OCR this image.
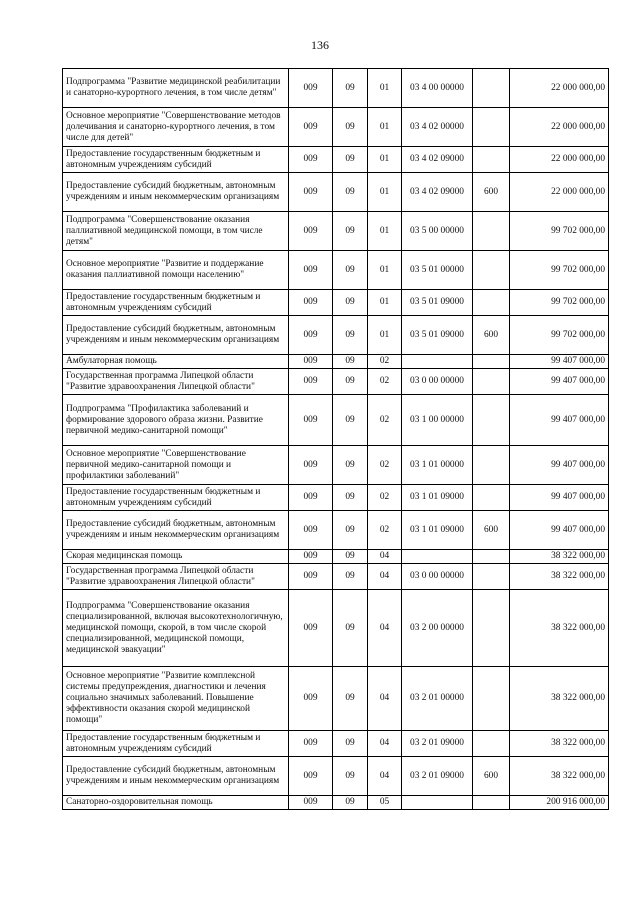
136
Подпрограмма "Развитие медицинской реабилитации и санаторно-курортного лечения, в том числе детям"	009	09	01	03 4 00 00000		22 000 000,00
Основное мероприятие "Совершенствование методов долечивания и санаторно-курортного лечения, в том числе для детей"	009	09	01	03 4 02 00000		22 000 000,00
Предоставление государственным бюджетным и автономным учреждениям субсидий	009	09	01	03 4 02 09000		22 000 000,00
Предоставление субсидий бюджетным, автономным учреждениям и иным некоммерческим организациям	009	09	01	03 4 02 09000	600	22 000 000,00
Подпрограмма "Совершенствование оказания паллиативной медицинской помощи, в том числе детям"	009	09	01	03 5 00 00000		99 702 000,00
Основное мероприятие "Развитие и поддержание оказания паллиативной помощи населению"	009	09	01	03 5 01 00000		99 702 000,00
Предоставление государственным бюджетным и автономным учреждениям субсидий	009	09	01	03 5 01 09000		99 702 000,00
Предоставление субсидий бюджетным, автономным учреждениям и иным некоммерческим организациям	009	09	01	03 5 01 09000	600	99 702 000,00
Амбулаторная помощь	009	09	02			99 407 000,00
Государственная программа Липецкой области "Развитие здравоохранения Липецкой области"	009	09	02	03 0 00 00000		99 407 000,00
Подпрограмма "Профилактика заболеваний и формирование здорового образа жизни. Развитие первичной медико-санитарной помощи"	009	09	02	03 1 00 00000		99 407 000,00
Основное мероприятие "Совершенствование первичной медико-санитарной помощи и профилактики заболеваний"	009	09	02	03 1 01 00000		99 407 000,00
Предоставление государственным бюджетным и автономным учреждениям субсидий	009	09	02	03 1 01 09000		99 407 000,00
Предоставление субсидий бюджетным, автономным учреждениям и иным некоммерческим организациям	009	09	02	03 1 01 09000	600	99 407 000,00
Скорая медицинская помощь	009	09	04			38 322 000,00
Государственная программа Липецкой области "Развитие здравоохранения Липецкой области"	009	09	04	03 0 00 00000		38 322 000,00
Подпрограмма "Совершенствование оказания специализированной, включая высокотехнологичную, медицинской помощи, скорой, в том числе скорой специализированной, медицинской помощи, медицинской эвакуации"	009	09	04	03 2 00 00000		38 322 000,00
Основное мероприятие "Развитие комплексной системы предупреждения, диагностики и лечения социально значимых заболеваний. Повышение эффективности оказания скорой медицинской помощи"	009	09	04	03 2 01 00000		38 322 000,00
Предоставление государственным бюджетным и автономным учреждениям субсидий	009	09	04	03 2 01 09000		38 322 000,00
Предоставление субсидий бюджетным, автономным учреждениям и иным некоммерческим организациям	009	09	04	03 2 01 09000	600	38 322 000,00
Санаторно-оздоровительная помощь	009	09	05			200 916 000,00
